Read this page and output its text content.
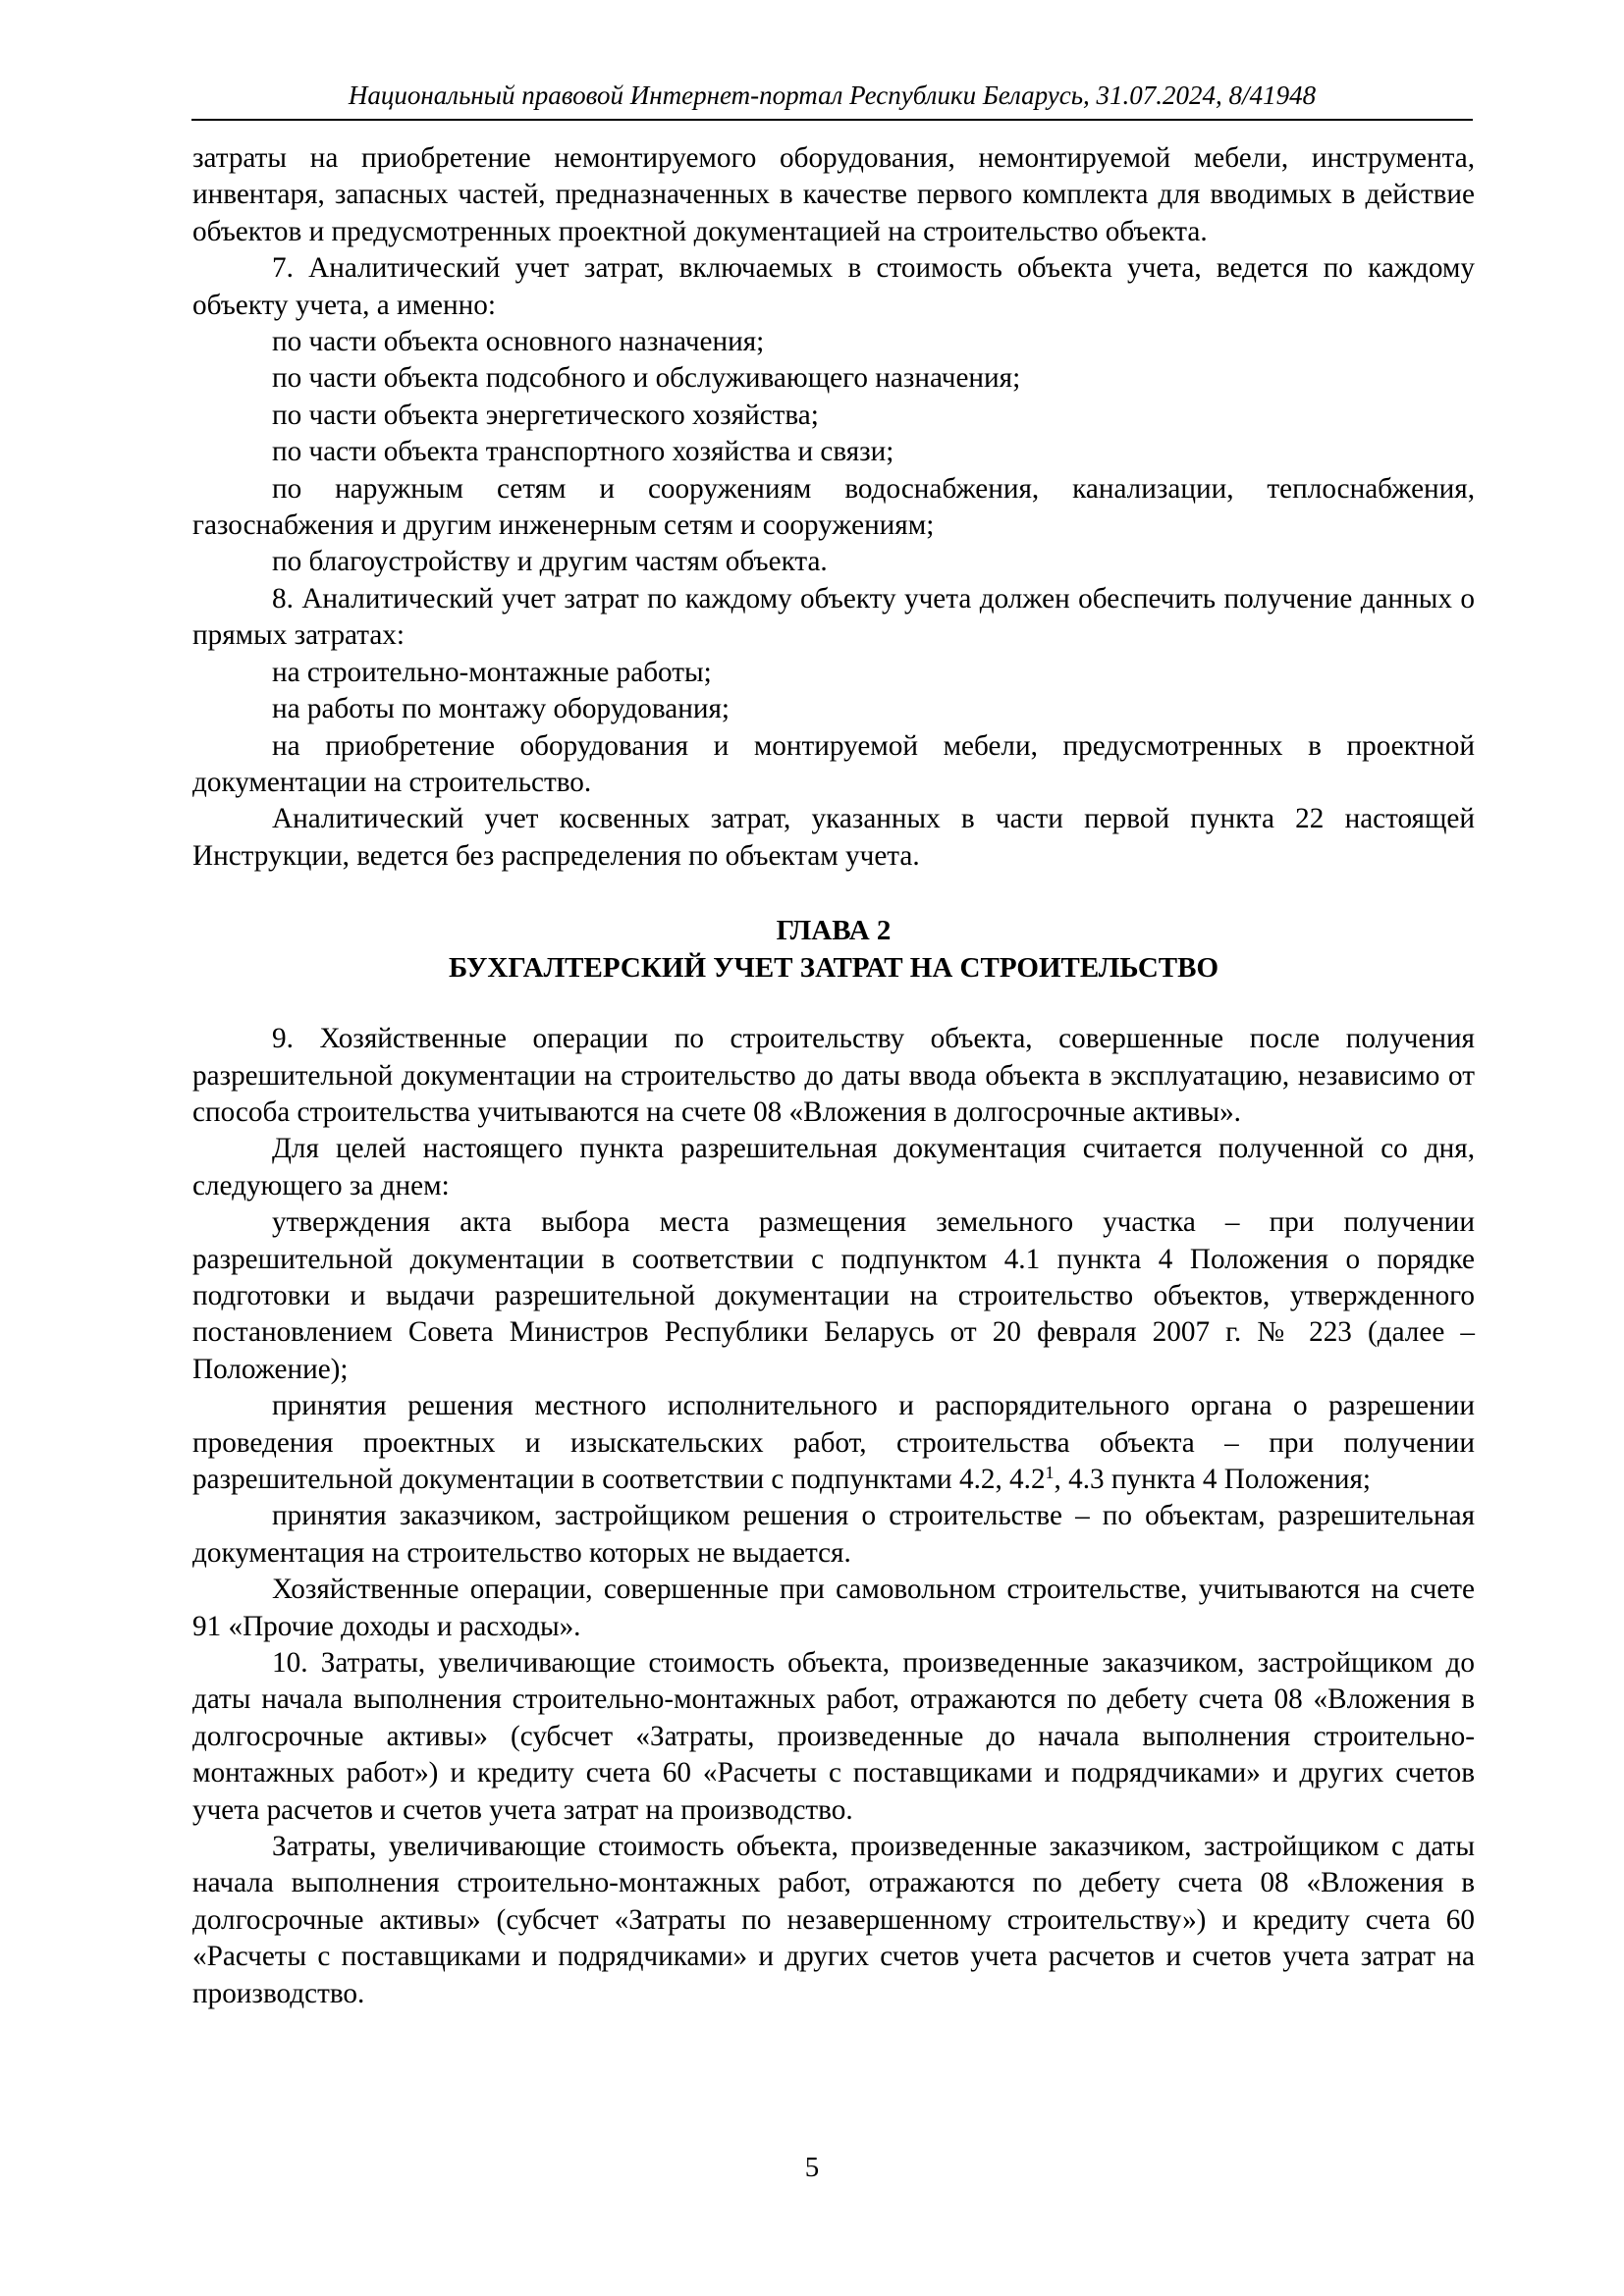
Национальный правовой Интернет-портал Республики Беларусь, 31.07.2024, 8/41948
затраты на приобретение немонтируемого оборудования, немонтируемой мебели, инструмента, инвентаря, запасных частей, предназначенных в качестве первого комплекта для вводимых в действие объектов и предусмотренных проектной документацией на строительство объекта.
7. Аналитический учет затрат, включаемых в стоимость объекта учета, ведется по каждому объекту учета, а именно:
по части объекта основного назначения;
по части объекта подсобного и обслуживающего назначения;
по части объекта энергетического хозяйства;
по части объекта транспортного хозяйства и связи;
по наружным сетям и сооружениям водоснабжения, канализации, теплоснабжения, газоснабжения и другим инженерным сетям и сооружениям;
по благоустройству и другим частям объекта.
8. Аналитический учет затрат по каждому объекту учета должен обеспечить получение данных о прямых затратах:
на строительно-монтажные работы;
на работы по монтажу оборудования;
на приобретение оборудования и монтируемой мебели, предусмотренных в проектной документации на строительство.
Аналитический учет косвенных затрат, указанных в части первой пункта 22 настоящей Инструкции, ведется без распределения по объектам учета.
ГЛАВА 2
БУХГАЛТЕРСКИЙ УЧЕТ ЗАТРАТ НА СТРОИТЕЛЬСТВО
9. Хозяйственные операции по строительству объекта, совершенные после получения разрешительной документации на строительство до даты ввода объекта в эксплуатацию, независимо от способа строительства учитываются на счете 08 «Вложения в долгосрочные активы».
Для целей настоящего пункта разрешительная документация считается полученной со дня, следующего за днем:
утверждения акта выбора места размещения земельного участка – при получении разрешительной документации в соответствии с подпунктом 4.1 пункта 4 Положения о порядке подготовки и выдачи разрешительной документации на строительство объектов, утвержденного постановлением Совета Министров Республики Беларусь от 20 февраля 2007 г. № 223 (далее – Положение);
принятия решения местного исполнительного и распорядительного органа о разрешении проведения проектных и изыскательских работ, строительства объекта – при получении разрешительной документации в соответствии с подпунктами 4.2, $4.2^1$, 4.3 пункта 4 Положения;
принятия заказчиком, застройщиком решения о строительстве – по объектам, разрешительная документация на строительство которых не выдается.
Хозяйственные операции, совершенные при самовольном строительстве, учитываются на счете 91 «Прочие доходы и расходы».
10. Затраты, увеличивающие стоимость объекта, произведенные заказчиком, застройщиком до даты начала выполнения строительно-монтажных работ, отражаются по дебету счета 08 «Вложения в долгосрочные активы» (субсчет «Затраты, произведенные до начала выполнения строительно-монтажных работ») и кредиту счета 60 «Расчеты с поставщиками и подрядчиками» и других счетов учета расчетов и счетов учета затрат на производство.
Затраты, увеличивающие стоимость объекта, произведенные заказчиком, застройщиком с даты начала выполнения строительно-монтажных работ, отражаются по дебету счета 08 «Вложения в долгосрочные активы» (субсчет «Затраты по незавершенному строительству») и кредиту счета 60 «Расчеты с поставщиками и подрядчиками» и других счетов учета расчетов и счетов учета затрат на производство.
5
